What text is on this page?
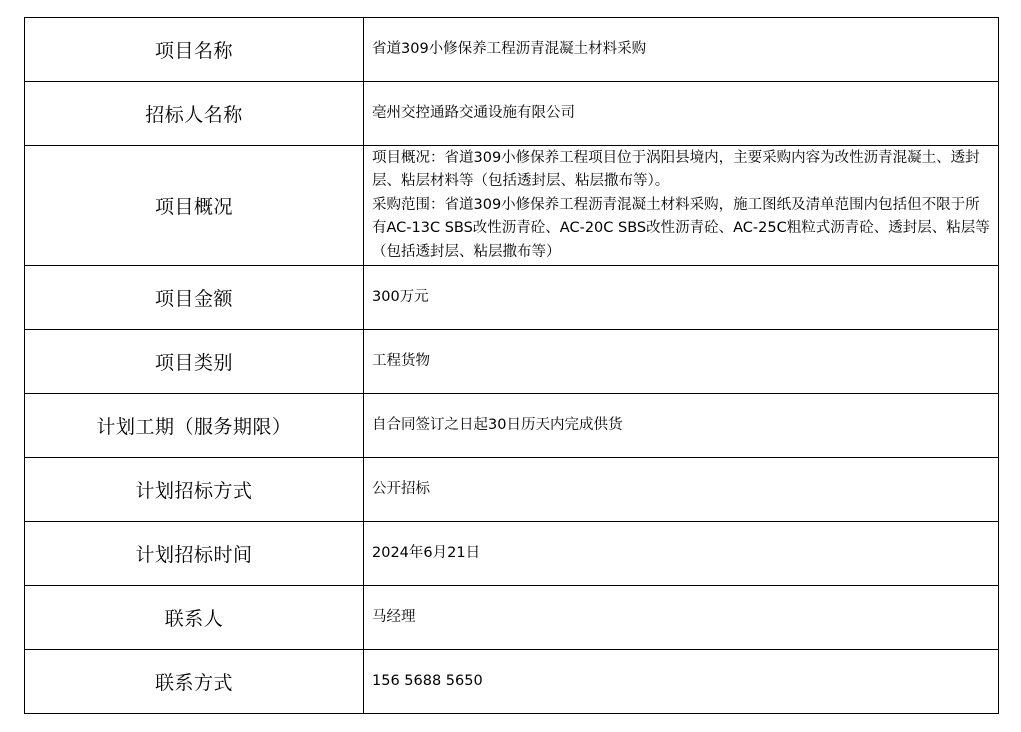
项目名称	省道309小修保养工程沥青混凝土材料采购
招标人名称	亳州交控通路交通设施有限公司
项目概况	项目概况：省道309小修保养工程项目位于涡阳县境内，主要采购内容为改性沥青混凝土、透封层、粘层材料等（包括透封层、粘层撒布等）。
采购范围：省道309小修保养工程沥青混凝土材料采购，施工图纸及清单范围内包括但不限于所有AC-13C SBS改性沥青砼、AC-20C SBS改性沥青砼、AC-25C粗粒式沥青砼、透封层、粘层等（包括透封层、粘层撒布等）

项目金额	300万元
项目类别	工程货物
计划工期（服务期限）	自合同签订之日起30日历天内完成供货
计划招标方式	公开招标
计划招标时间	2024年6月21日
联系人	马经理
联系方式	156 5688 5650
